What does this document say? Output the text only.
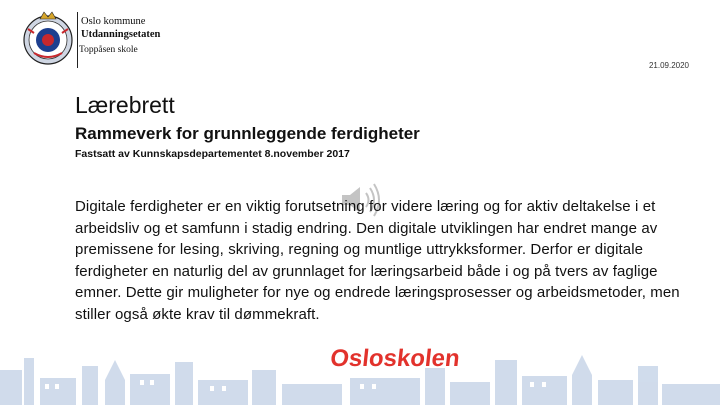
Oslo kommune
Utdanningsetaten
Toppåsen skole
21.09.2020
Lærebrett
Rammeverk for grunnleggende ferdigheter
Fastsatt av Kunnskapsdepartementet 8.november 2017
Digitale ferdigheter er en viktig forutsetning for videre læring og for aktiv deltakelse i et arbeidsliv og et samfunn i stadig endring. Den digitale utviklingen har endret mange av premissene for lesing, skriving, regning og muntlige uttrykksformer. Derfor er digitale ferdigheter en naturlig del av grunnlaget for læringsarbeid både i og på tvers av faglige emner. Dette gir muligheter for nye og endrede læringsprosesser og arbeidsmetoder, men stiller også økte krav til dømmekraft.
Osloskolen
